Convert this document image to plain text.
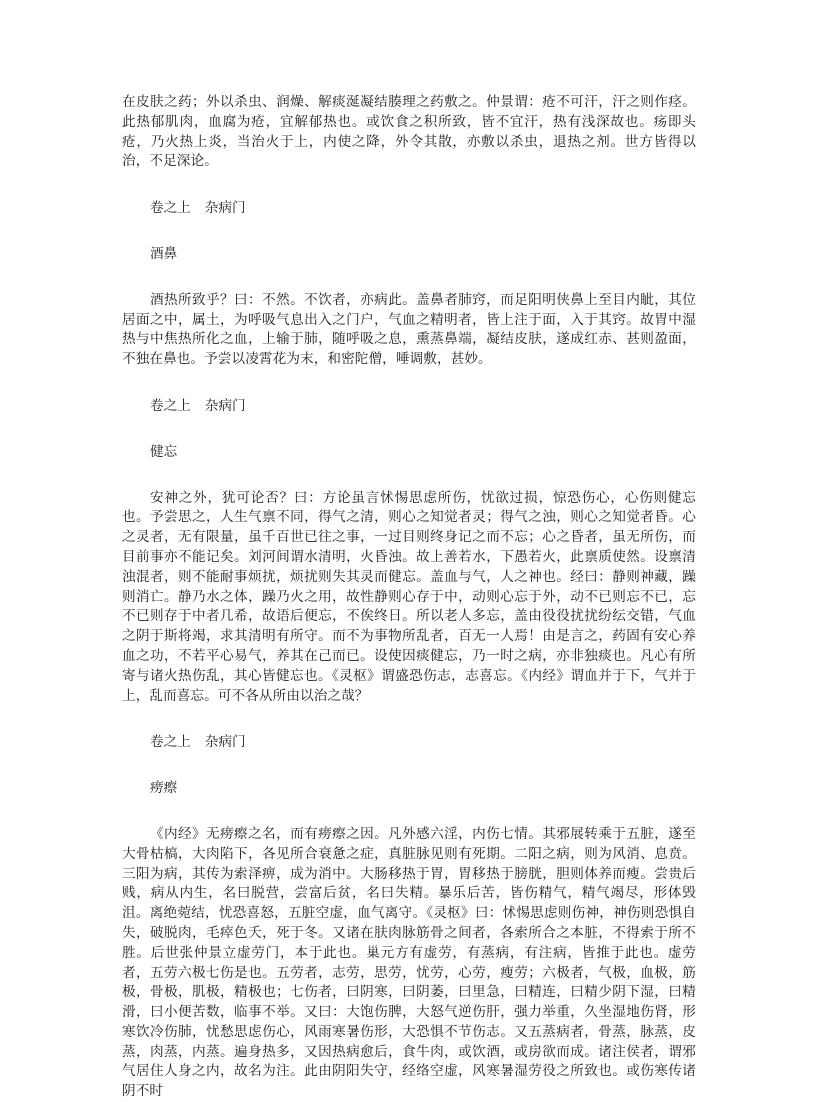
在皮肤之药；外以杀虫、润燥、解痰涎凝结腠理之药敷之。仲景谓：疮不可汗，汗之则作痉。此热郁肌肉，血腐为疮，宜解郁热也。或饮食之积所致，皆不宜汗，热有浅深故也。疡即头疮，乃火热上炎，当治火于上，内使之降，外令其散，亦敷以杀虫，退热之剂。世方皆得以治，不足深论。

卷之上 杂病门
酒鼻

酒热所致乎？曰：不然。不饮者，亦病此。盖鼻者肺窍，而足阳明侠鼻上至目内眦，其位居面之中，属土，为呼吸气息出入之门户，气血之精明者，皆上注于面，入于其窍。故胃中湿热与中焦热所化之血，上输于肺，随呼吸之息，熏蒸鼻端，凝结皮肤，遂成红赤、甚则盈面，不独在鼻也。予尝以凌霄花为末，和密陀僧，唾调敷，甚妙。

卷之上 杂病门
健忘

安神之外，犹可论否？曰：方论虽言怵惕思虑所伤，忧欲过损，惊恐伤心，心伤则健忘也。予尝思之，人生气禀不同，得气之清，则心之知觉者灵；得气之浊，则心之知觉者昏。心之灵者，无有限量，虽千百世已往之事，一过目则终身记之而不忘；心之昏者，虽无所伤，而目前事亦不能记矣。刘河间谓水清明，火昏浊。故上善若水，下愚若火，此禀质使然。设禀清浊混者，则不能耐事烦扰，烦扰则失其灵而健忘。盖血与气，人之神也。经曰：静则神藏，躁则消亡。静乃水之体，躁乃火之用，故性静则心存于中，动则心忘于外，动不已则忘不已，忘不已则存于中者几希，故语后便忘，不俟终日。所以老人多忘，盖由役役扰扰纷纭交错，气血之阴于斯将竭，求其清明有所守。而不为事物所乱者，百无一人焉！由是言之，药固有安心养血之功，不若平心易气，养其在己而已。设使因痰健忘，乃一时之病，亦非独痰也。凡心有所寄与诸火热伤乱，其心皆健忘也。《灵枢》谓盛恐伤志，志喜忘。《内经》谓血并于下，气并于上，乱而喜忘。可不各从所由以治之哉？

卷之上 杂病门
痨瘵

《内经》无痨瘵之名，而有痨瘵之因。凡外感六淫，内伤七情。其邪展转乘于五脏，遂至大骨枯槁，大肉陷下，各见所合衰惫之症，真脏脉见则有死期。二阳之病，则为风消、息贲。三阳为病，其传为索泽痹，成为消中。大肠移热于胃，胃移热于膀胱，胆则体养而瘦。尝贵后贱，病从内生，名曰脱营，尝富后贫，名曰失精。暴乐后苦，皆伤精气，精气竭尽，形体毁沮。离绝菀结，忧恐喜怒，五脏空虚，血气离守。《灵枢》曰：怵惕思虑则伤神，神伤则恐惧自失，破脱肉，毛瘁色夭，死于冬。又诸在肤肉脉筋骨之间者，各索所合之本脏，不得索于所不胜。后世张仲景立虚劳门，本于此也。巢元方有虚劳，有蒸病，有注病，皆推于此也。虚劳者，五劳六极七伤是也。五劳者，志劳，思劳，忧劳，心劳，瘦劳；六极者，气极，血极，筋极，骨极，肌极，精极也；七伤者，曰阴寒，曰阴萎，曰里急，曰精连，曰精少阴下湿，曰精滑，曰小便苦数，临事不举。又曰：大饱伤脾，大怒气逆伤肝，强力举重，久坐湿地伤肾，形寒饮冷伤肺，忧愁思虑伤心，风雨寒暑伤形，大恐惧不节伤志。又五蒸病者，骨蒸，脉蒸，皮蒸，肉蒸，内蒸。遍身热多，又因热病愈后，食牛肉，或饮酒，或房欲而成。诸注侯者，谓邪气居住人身之内，故名为注。此由阴阳失守，经络空虚，风寒暑湿劳役之所致也。或伤寒传诸阴不时
